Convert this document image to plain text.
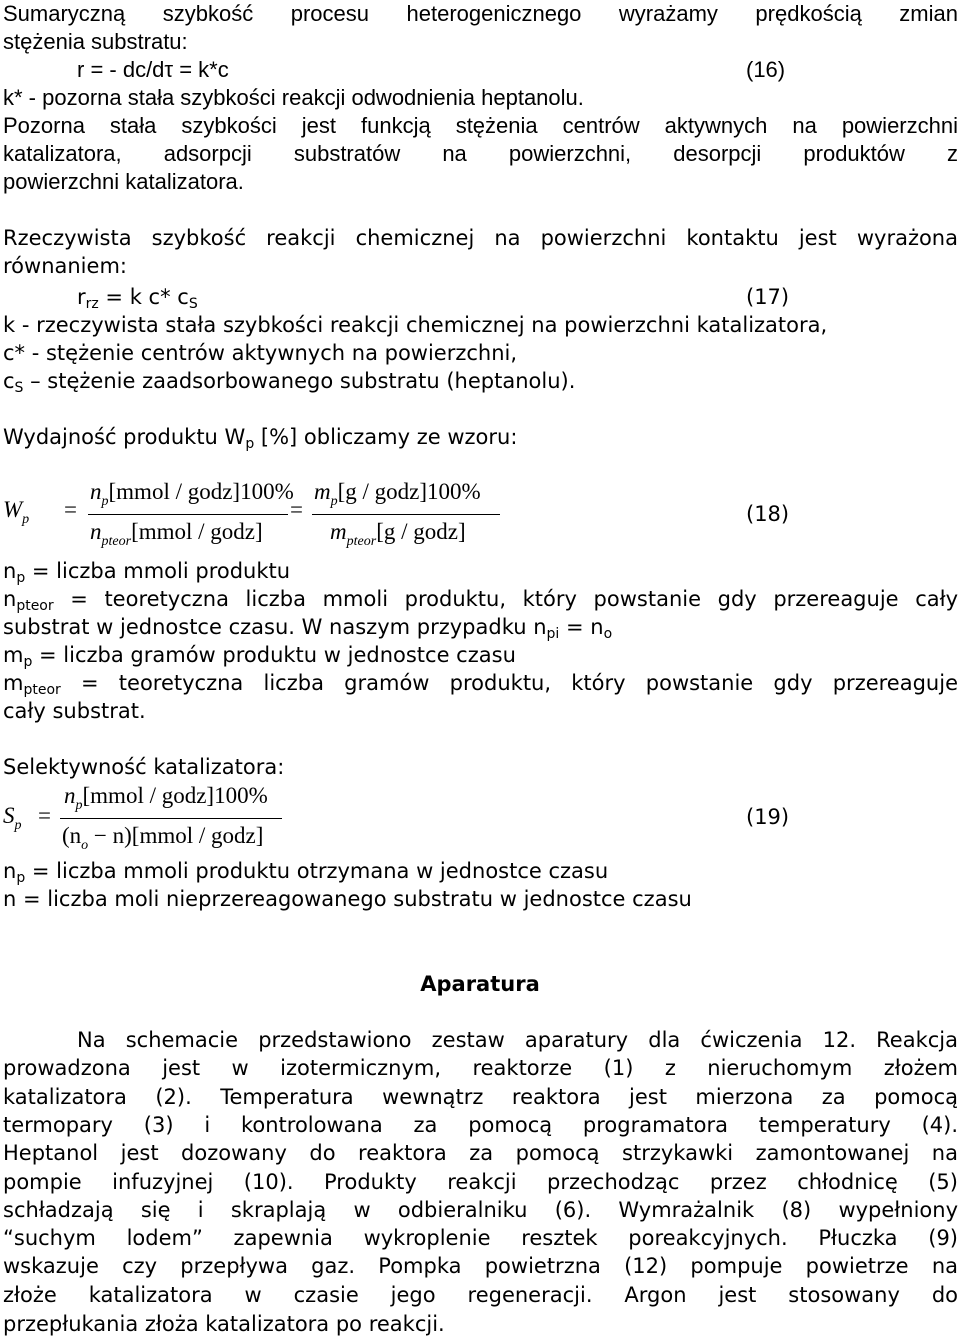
Sumaryczną szybkość procesu heterogenicznego wyrażamy prędkością zmian
stężenia substratu:
r = - dc/dτ = k*c	(16)
k* - pozorna stała szybkości reakcji odwodnienia heptanolu.
Pozorna stała szybkości jest funkcją stężenia centrów aktywnych na powierzchni
katalizatora, adsorpcji substratów na powierzchni, desorpcji produktów z
powierzchni katalizatora.
Rzeczywista szybkość reakcji chemicznej na powierzchni kontaktu jest wyrażona
równaniem:
$r_{rz} = k$ c* $c_S$	(17)
k - rzeczywista stała szybkości reakcji chemicznej na powierzchni katalizatora,
c* - stężenie centrów aktywnych na powierzchni,
$c_S$ – stężenie zaadsorbowanego substratu (heptanolu).
Wydajność produktu $W_p$ [%] obliczamy ze wzoru:
$W_p$ =
$n_p[mmol$ / godz]100%
$n_{pteor}[mmol$ / godz]
=
$m_p[g$ / godz]100%
$m_{pteor}[g$ / godz]
(18)
$n_p$ = liczba mmoli produktu
$n_{pteor}$ = teoretyczna liczba mmoli produktu, który powstanie gdy przereaguje cały
substrat w jednostce czasu. W naszym przypadku $n_{pi} = n_o$
$m_p$ = liczba gramów produktu w jednostce czasu
$m_{pteor}$ = teoretyczna liczba gramów produktu, który powstanie gdy przereaguje
cały substrat.
Selektywność katalizatora:
$S_p$ =
$n_p[mmol$ / godz]100%
($n_o$ − n)[mmol / godz]
(19)
$n_p$ = liczba mmoli produktu otrzymana w jednostce czasu
n = liczba moli nieprzereagowanego substratu w jednostce czasu
Aparatura
Na schemacie przedstawiono zestaw aparatury dla ćwiczenia 12. Reakcja
prowadzona jest w izotermicznym, reaktorze (1) z nieruchomym złożem
katalizatora (2). Temperatura wewnątrz reaktora jest mierzona za pomocą
termopary (3) i kontrolowana za pomocą programatora temperatury (4).
Heptanol jest dozowany do reaktora za pomocą strzykawki zamontowanej na
pompie infuzyjnej (10). Produkty reakcji przechodząc przez chłodnicę (5)
schładzają się i skraplają w odbieralniku (6). Wymrażalnik (8) wypełniony
“suchym lodem” zapewnia wykroplenie resztek poreakcyjnych. Płuczka (9)
wskazuje czy przepływa gaz. Pompka powietrzna (12) pompuje powietrze na
złoże katalizatora w czasie jego regeneracji. Argon jest stosowany do
przepłukania złoża katalizatora po reakcji.
